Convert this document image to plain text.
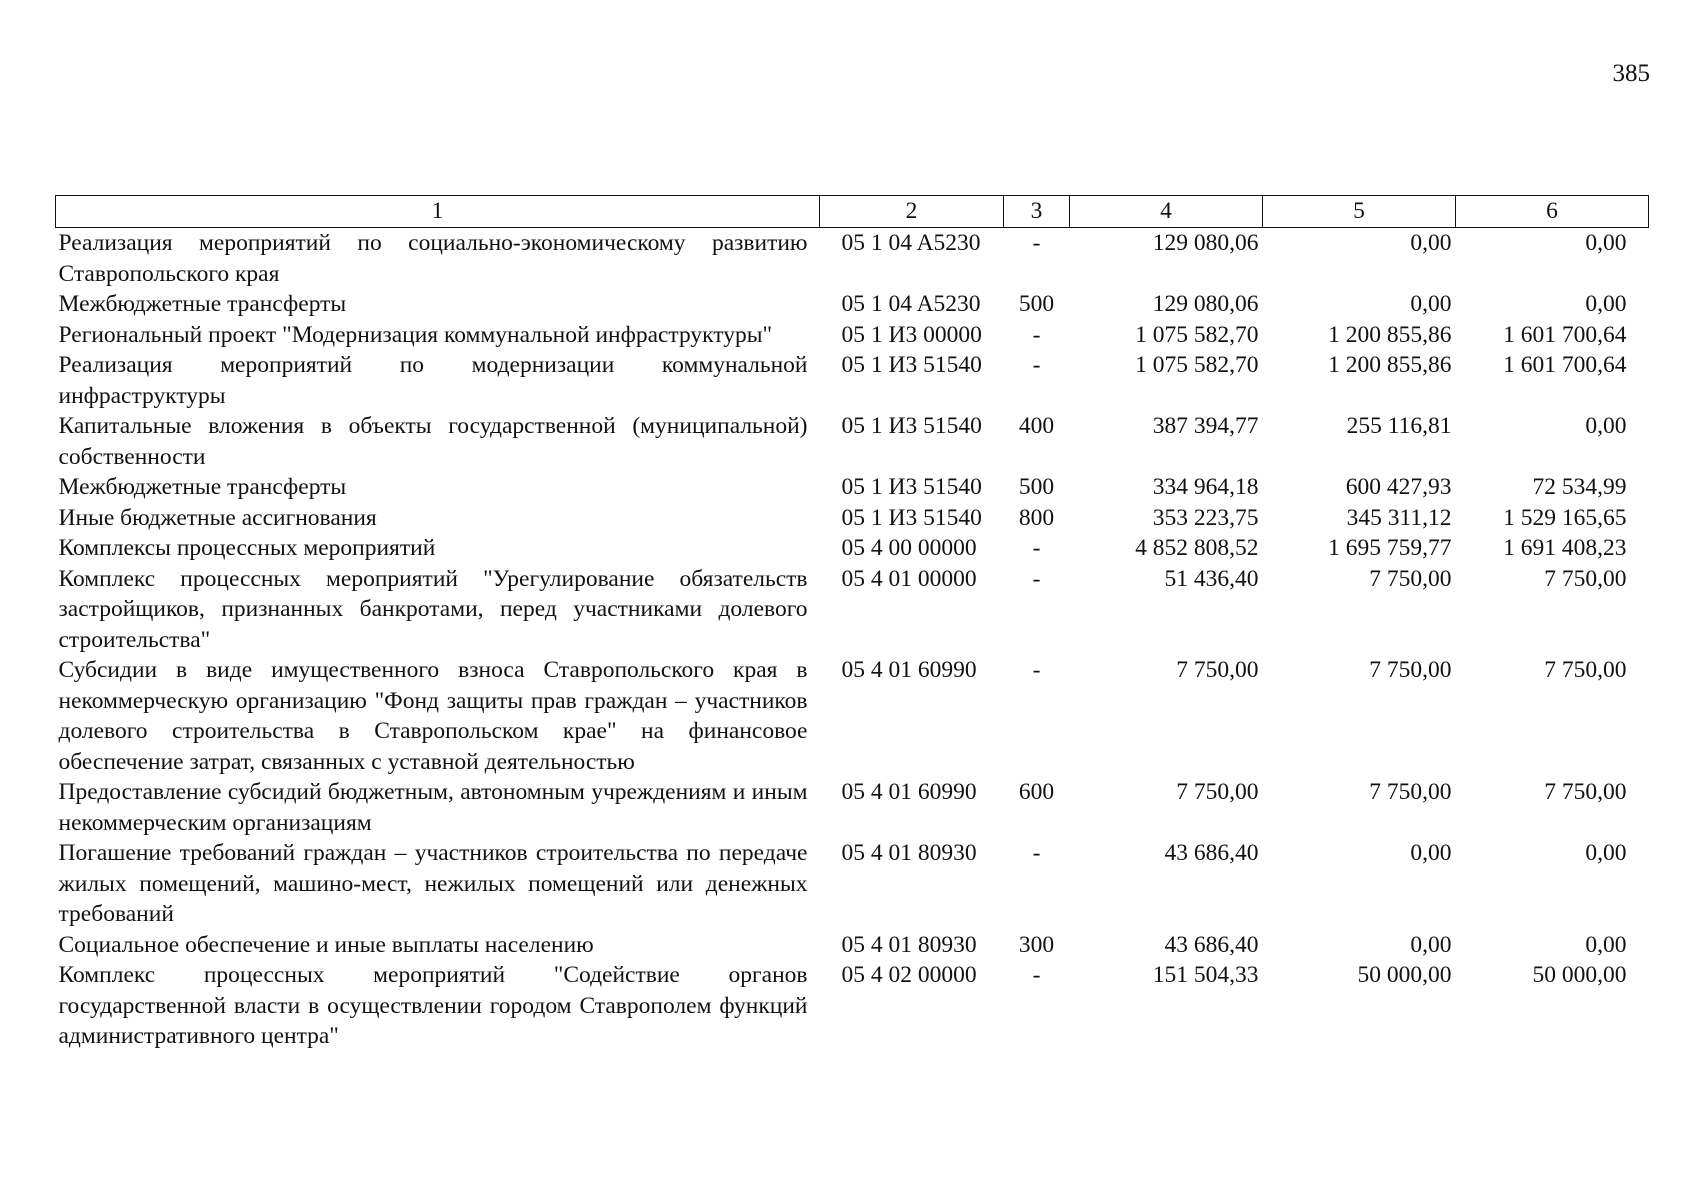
385
1	2	3	4	5	6
Реализация мероприятий по социально-экономическому развитию Ставропольского края	05 1 04 A5230	-	129 080,06	0,00	0,00
Межбюджетные трансферты	05 1 04 A5230	500	129 080,06	0,00	0,00
Региональный проект "Модернизация коммунальной инфраструктуры"	05 1 И3 00000	-	1 075 582,70	1 200 855,86	1 601 700,64
Реализация мероприятий по модернизации коммунальной инфраструктуры	05 1 И3 51540	-	1 075 582,70	1 200 855,86	1 601 700,64
Капитальные вложения в объекты государственной (муниципальной) собственности	05 1 И3 51540	400	387 394,77	255 116,81	0,00
Межбюджетные трансферты	05 1 И3 51540	500	334 964,18	600 427,93	72 534,99
Иные бюджетные ассигнования	05 1 И3 51540	800	353 223,75	345 311,12	1 529 165,65
Комплексы процессных мероприятий	05 4 00 00000	-	4 852 808,52	1 695 759,77	1 691 408,23
Комплекс процессных мероприятий "Урегулирование обязательств застройщиков, признанных банкротами, перед участниками долевого строительства"	05 4 01 00000	-	51 436,40	7 750,00	7 750,00
Субсидии в виде имущественного взноса Ставропольского края в некоммерческую организацию "Фонд защиты прав граждан – участников долевого строительства в Ставропольском крае" на финансовое обеспечение затрат, связанных с уставной деятельностью	05 4 01 60990	-	7 750,00	7 750,00	7 750,00
Предоставление субсидий бюджетным, автономным учреждениям и иным некоммерческим организациям	05 4 01 60990	600	7 750,00	7 750,00	7 750,00
Погашение требований граждан – участников строительства по передаче жилых помещений, машино-мест, нежилых помещений или денежных требований	05 4 01 80930	-	43 686,40	0,00	0,00
Социальное обеспечение и иные выплаты населению	05 4 01 80930	300	43 686,40	0,00	0,00
Комплекс процессных мероприятий "Содействие органов государственной власти в осуществлении городом Ставрополем функций административного центра"	05 4 02 00000	-	151 504,33	50 000,00	50 000,00
